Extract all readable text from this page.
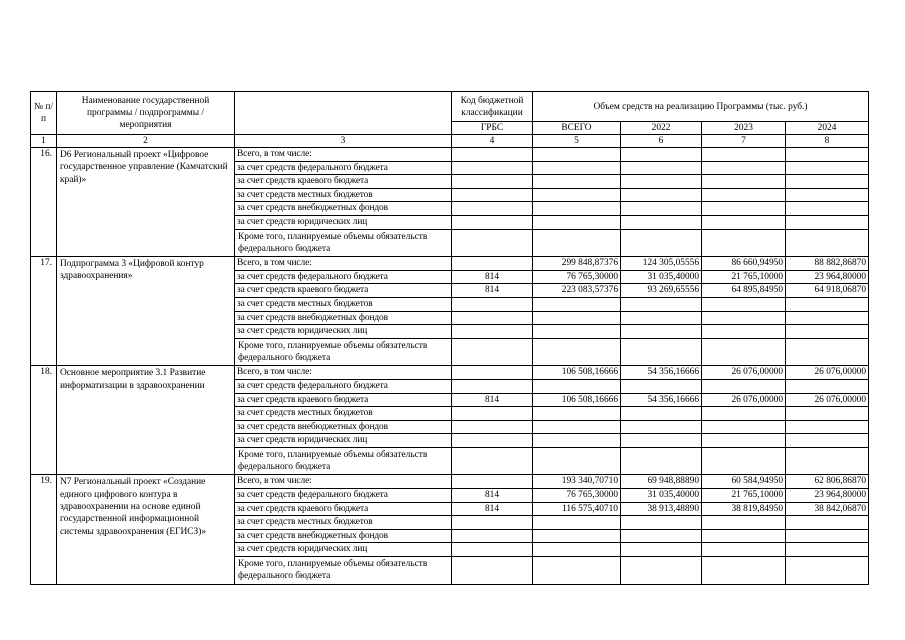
№ п/п	Наименование государственной программы / подпрограммы / мероприятия		Код бюджетной классификации	Объем средств на реализацию Программы (тыс. руб.)			
			ГРБС	ВСЕГО	2022	2023	2024
1	2	3	4	5	6	7	8
16.	D6 Региональный проект «Цифровое государственное управление (Камчатский край)»	Всего, в том числе:					
		за счет средств федерального бюджета					
		за счет средств краевого бюджета					
		за счет средств местных бюджетов					
		за счет средств внебюджетных фондов					
		за счет средств юридических лиц					
		Кроме того, планируемые объемы обязательств федерального бюджета					
17.	Подпрограмма 3 «Цифровой контур здравоохранения»	Всего, в том числе:		299 848,87376	124 305,05556	86 660,94950	88 882,86870
		за счет средств федерального бюджета	814	76 765,30000	31 035,40000	21 765,10000	23 964,80000
		за счет средств краевого бюджета	814	223 083,57376	93 269,65556	64 895,84950	64 918,06870
		за счет средств местных бюджетов					
		за счет средств внебюджетных фондов					
		за счет средств юридических лиц					
		Кроме того, планируемые объемы обязательств федерального бюджета					
18.	Основное мероприятие 3.1 Развитие информатизации в здравоохранении	Всего, в том числе:		106 508,16666	54 356,16666	26 076,00000	26 076,00000
		за счет средств федерального бюджета					
		за счет средств краевого бюджета	814	106 508,16666	54 356,16666	26 076,00000	26 076,00000
		за счет средств местных бюджетов					
		за счет средств внебюджетных фондов					
		за счет средств юридических лиц					
		Кроме того, планируемые объемы обязательств федерального бюджета					
19.	N7 Региональный проект «Создание единого цифрового контура в здравоохранении на основе единой государственной информационной системы здравоохранения (ЕГИСЗ)»	Всего, в том числе:		193 340,70710	69 948,88890	60 584,94950	62 806,86870
		за счет средств федерального бюджета	814	76 765,30000	31 035,40000	21 765,10000	23 964,80000
		за счет средств краевого бюджета	814	116 575,40710	38 913,48890	38 819,84950	38 842,06870
		за счет средств местных бюджетов					
		за счет средств внебюджетных фондов					
		за счет средств юридических лиц					
		Кроме того, планируемые объемы обязательств федерального бюджета					
